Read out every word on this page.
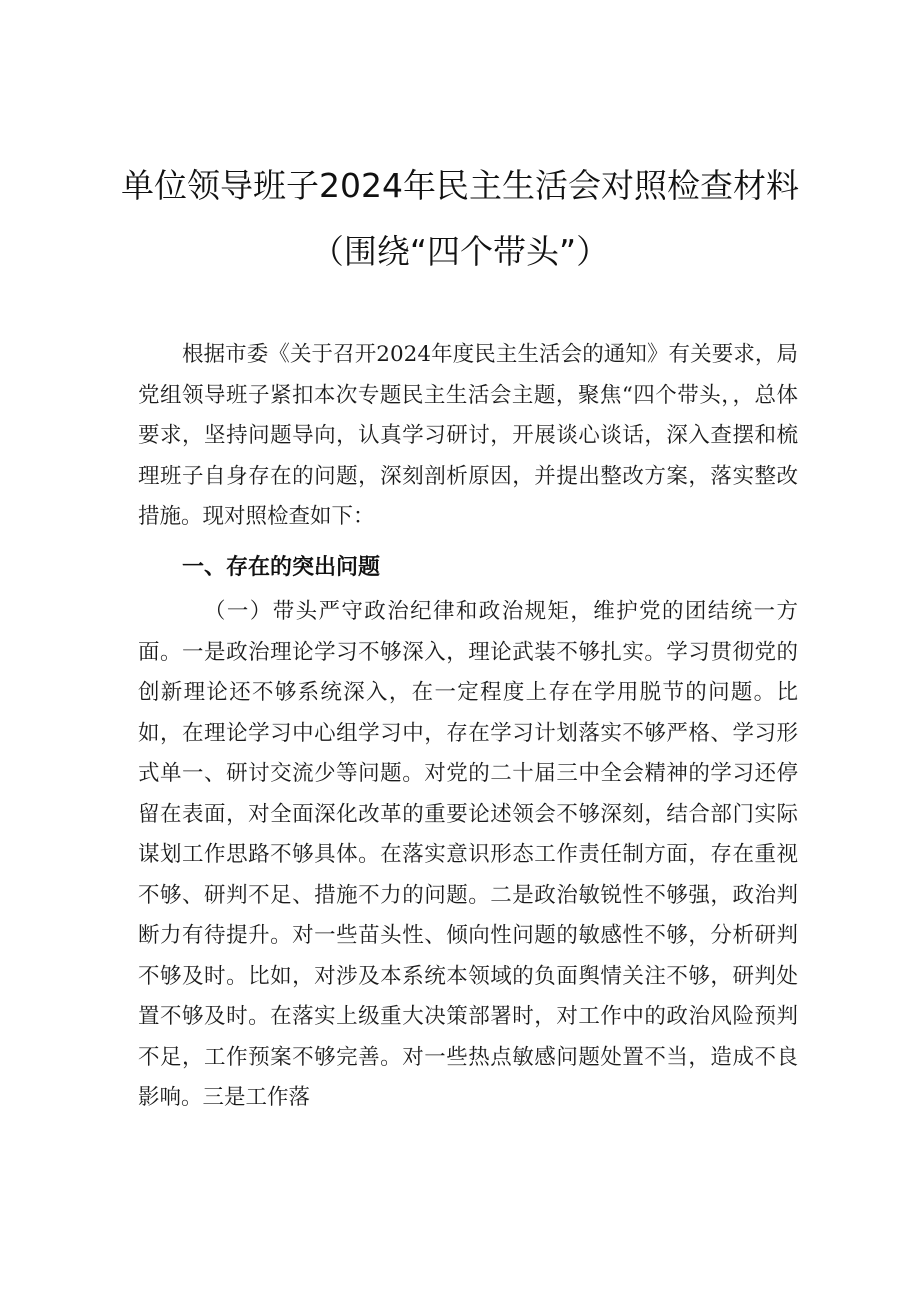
单位领导班子2024年民主生活会对照检查材料
（围绕“四个带头”）

根据市委《关于召开2024年度民主生活会的通知》有关要求，局党组领导班子紧扣本次专题民主生活会主题，聚焦“四个带头，，总体要求，坚持问题导向，认真学习研讨，开展谈心谈话，深入查摆和梳理班子自身存在的问题，深刻剖析原因，并提出整改方案，落实整改措施。现对照检查如下：

一、存在的突出问题

（一）带头严守政治纪律和政治规矩，维护党的团结统一方面。一是政治理论学习不够深入，理论武装不够扎实。学习贯彻党的创新理论还不够系统深入，在一定程度上存在学用脱节的问题。比如，在理论学习中心组学习中，存在学习计划落实不够严格、学习形式单一、研讨交流少等问题。对党的二十届三中全会精神的学习还停留在表面，对全面深化改革的重要论述领会不够深刻，结合部门实际谋划工作思路不够具体。在落实意识形态工作责任制方面，存在重视不够、研判不足、措施不力的问题。二是政治敏锐性不够强，政治判断力有待提升。对一些苗头性、倾向性问题的敏感性不够，分析研判不够及时。比如，对涉及本系统本领域的负面舆情关注不够，研判处置不够及时。在落实上级重大决策部署时，对工作中的政治风险预判不足，工作预案不够完善。对一些热点敏感问题处置不当，造成不良影响。三是工作落
